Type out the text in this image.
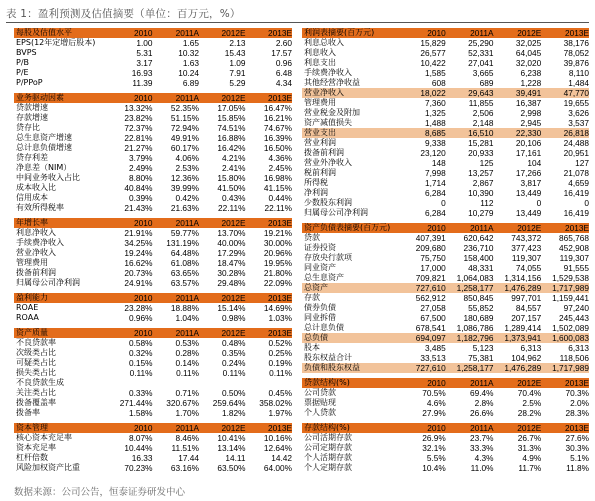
表 1：盈利预测及估值摘要（单位：百万元，%）
每股及估值水平	2010	2011A	2012E	2013E
EPS(12年定增后股本)	1.00	1.65	2.13	2.60
BVPS	5.31	10.32	15.43	17.57
P/B	3.17	1.63	1.09	0.96
P/E	16.93	10.24	7.91	6.48
P/PPoP	11.39	6.89	5.29	4.34

业务驱动因素	2010	2011A	2012E	2013E
贷款增速	13.32%	52.35%	17.05%	16.47%
存款增速	23.82%	51.15%	15.85%	16.21%
贷存比	72.37%	72.94%	74.51%	74.67%
总生息资产增速	22.81%	49.91%	16.88%	16.39%
总计息负债增速	21.27%	60.17%	16.42%	16.50%
贷存利差	3.79%	4.06%	4.21%	4.36%
净息差（NIM）	2.49%	2.53%	2.41%	2.45%
中间业务收入占比	8.80%	12.36%	15.80%	16.98%
成本收入比	40.84%	39.99%	41.50%	41.15%
信用成本	0.39%	0.42%	0.43%	0.44%
有效所得税率	21.43%	21.63%	22.11%	22.11%

年增长率	2010	2011A	2012E	2013E
利息净收入	21.91%	59.77%	13.70%	19.21%
手续费净收入	34.25%	131.19%	40.00%	30.00%
营业净收入	19.24%	64.48%	17.29%	20.96%
管理费用	16.62%	61.08%	18.47%	19.95%
拨备前利润	20.73%	63.65%	30.28%	21.80%
归属母公司净利润	24.91%	63.57%	29.48%	22.09%

盈利能力	2010	2011A	2012E	2013E
ROAE	23.28%	18.88%	15.14%	14.69%
ROAA	0.96%	1.04%	0.98%	1.03%

资产质量	2010	2011A	2012E	2013E
不良贷款率	0.58%	0.53%	0.48%	0.52%
次级类占比	0.32%	0.28%	0.35%	0.25%
可疑类占比	0.15%	0.14%	0.24%	0.19%
损失类占比	0.11%	0.11%	0.11%	0.11%
不良贷款生成				
关注类占比	0.33%	0.71%	0.50%	0.45%
拨备覆盖率	271.44%	320.67%	259.64%	358.02%
拨备率	1.58%	1.70%	1.82%	1.97%

资本管理	2010	2011A	2012E	2013E
核心资本充足率	8.07%	8.46%	10.41%	10.16%
资本充足率	10.44%	11.51%	13.14%	12.64%
杠杆倍数	16.33	17.44	14.11	14.42
风险加权资产比重	70.23%	63.16%	63.50%	64.00%
利润表摘要(百万元)	2010	2011A	2012E	2013E
利息总收入	15,829	25,290	32,025	38,176
利息收入	26,577	52,331	64,045	78,052
利息支出	10,422	27,041	32,020	39,876
手续费净收入	1,585	3,665	6,238	8,110
其他经营净收益	608	689	1,228	1,484
营业净收入	18,022	29,643	39,491	47,770
管理费用	7,360	11,855	16,387	19,655
营业税金及附加	1,325	2,506	2,998	3,626
资产减值损失	1,488	2,148	2,945	3,537
营业支出	8,685	16,510	22,330	26,818
营业利润	9,338	15,281	20,106	24,488
拨备前利润	23,120	20,933	17,161	20,951
营业外净收入	148	125	104	127
税前利润	7,998	13,257	17,266	21,078
所得税	1,714	2,867	3,817	4,659
净利润	6,284	10,390	13,449	16,419
少数股东利润	0	112	0	0
归属母公司净利润	6,284	10,279	13,449	16,419

资产负债表摘要(百万元)	2010	2011A	2012E	2013E
贷款	407,391	620,642	743,372	865,768
证券投资	209,680	236,710	377,423	452,908
存放央行款项	75,750	158,400	119,307	119,307
同业资产	17,000	48,331	74,055	91,555
总生息资产	709,821	1,064,083	1,314,156	1,529,538
总资产	727,610	1,258,177	1,476,289	1,717,989
存款	562,912	850,845	997,701	1,159,441
债券负债	27,058	55,852	84,557	97,240
同业拆借	67,500	180,689	207,157	245,443
总计息负债	678,541	1,086,786	1,289,414	1,502,089
总负债	694,097	1,182,796	1,373,941	1,600,083
股本	3,485	5,123	6,313	6,313
股东权益合计	33,513	75,381	104,962	118,506
负债和股东权益	727,610	1,258,177	1,476,289	1,717,989

贷款结构(%)	2010	2011A	2012E	2013E
公司贷款	70.5%	69.4%	70.4%	70.3%
票据贴现	4.6%	2.8%	2.5%	2.0%
个人贷款	27.9%	26.6%	28.2%	28.3%

存款结构(%)	2010	2011A	2012E	2013E
公司活期存款	26.9%	23.7%	26.7%	27.6%
公司定期存款	32.1%	33.3%	31.3%	30.3%
个人活期存款	5.5%	4.3%	4.9%	5.1%
个人定期存款	10.4%	11.0%	11.7%	11.8%
数据来源：公司公告，恒泰证券研发中心
